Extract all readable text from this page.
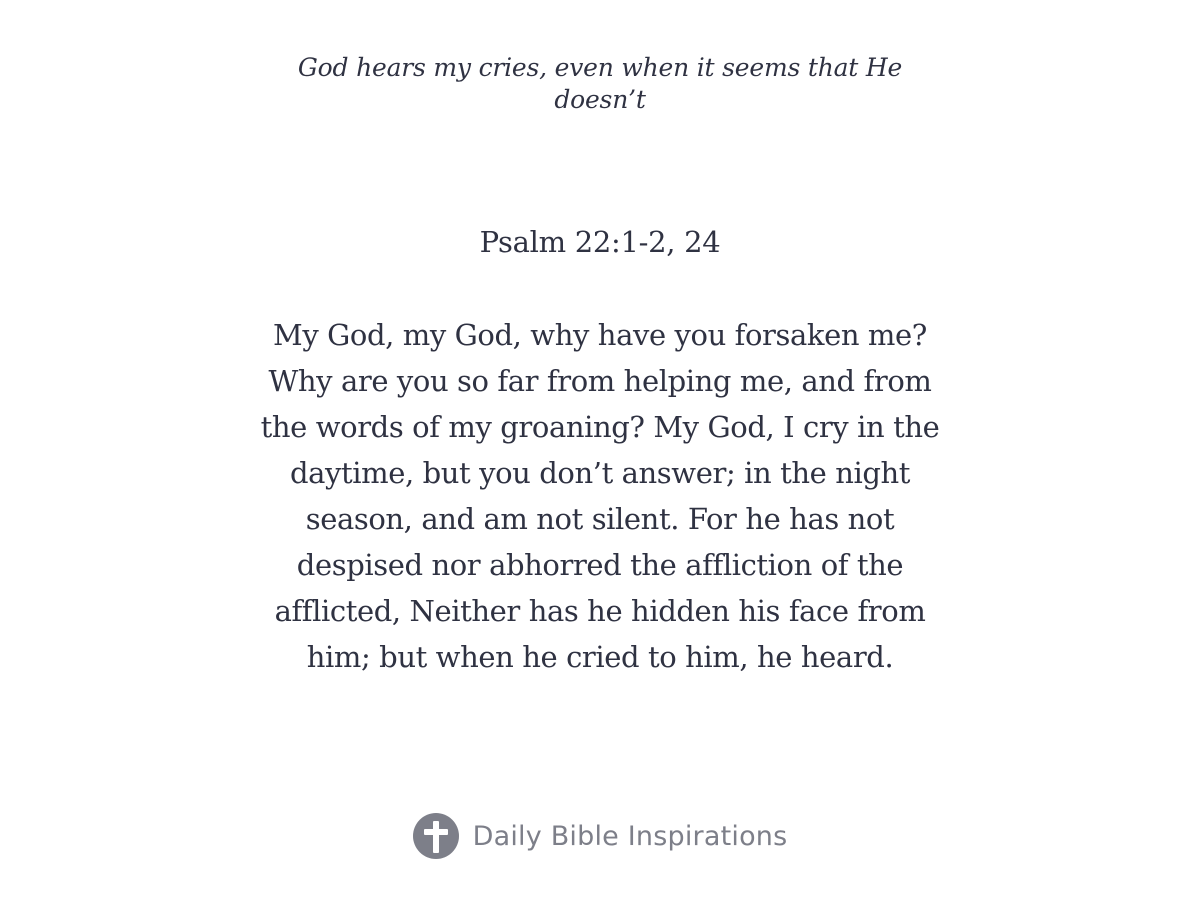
God hears my cries, even when it seems that He
doesn’t
Psalm 22:1-2, 24
My God, my God, why have you forsaken me?
Why are you so far from helping me, and from
the words of my groaning? My God, I cry in the
daytime, but you don’t answer; in the night
season, and am not silent. For he has not
despised nor abhorred the affliction of the
afflicted, Neither has he hidden his face from
him; but when he cried to him, he heard.
Daily Bible Inspirations
